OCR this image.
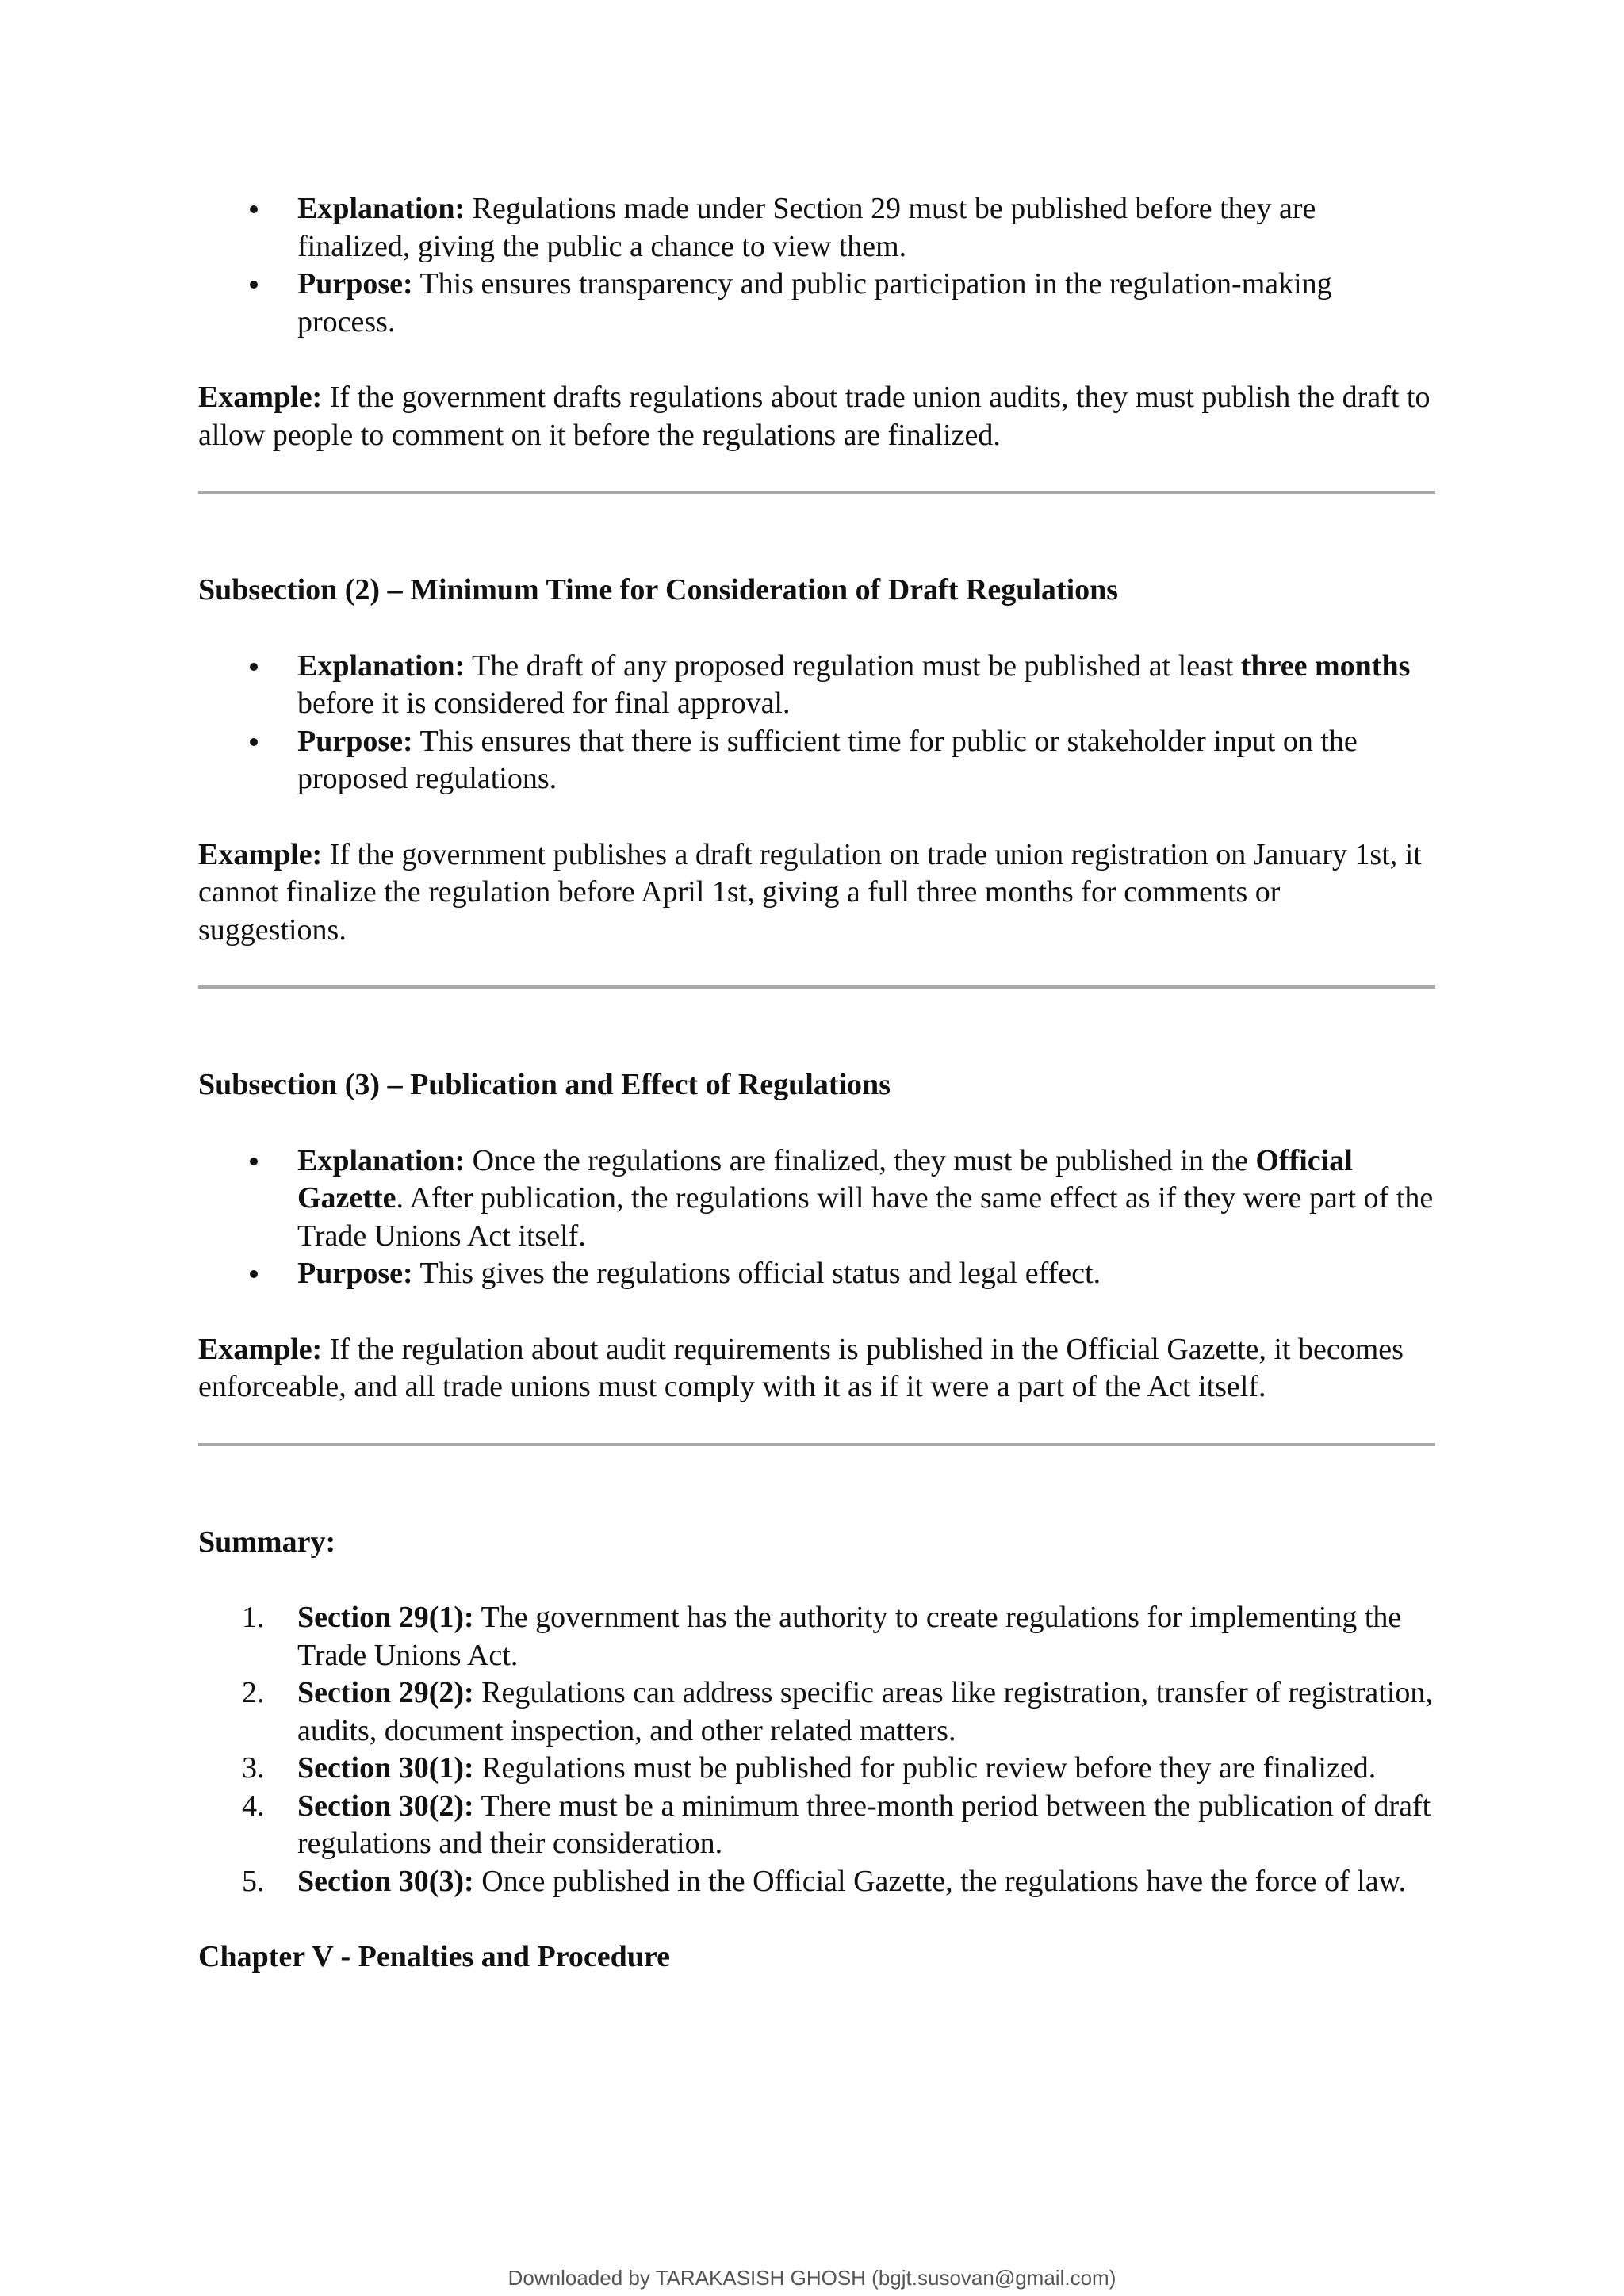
Explanation: Regulations made under Section 29 must be published before they are finalized, giving the public a chance to view them.
Purpose: This ensures transparency and public participation in the regulation-making process.

Example: If the government drafts regulations about trade union audits, they must publish the draft to allow people to comment on it before the regulations are finalized.

Subsection (2) – Minimum Time for Consideration of Draft Regulations

Explanation: The draft of any proposed regulation must be published at least three months before it is considered for final approval.
Purpose: This ensures that there is sufficient time for public or stakeholder input on the proposed regulations.

Example: If the government publishes a draft regulation on trade union registration on January 1st, it cannot finalize the regulation before April 1st, giving a full three months for comments or suggestions.

Subsection (3) – Publication and Effect of Regulations

Explanation: Once the regulations are finalized, they must be published in the Official Gazette. After publication, the regulations will have the same effect as if they were part of the Trade Unions Act itself.
Purpose: This gives the regulations official status and legal effect.

Example: If the regulation about audit requirements is published in the Official Gazette, it becomes enforceable, and all trade unions must comply with it as if it were a part of the Act itself.

Summary:

1.	Section 29(1): The government has the authority to create regulations for implementing the Trade Unions Act.
2.	Section 29(2): Regulations can address specific areas like registration, transfer of registration, audits, document inspection, and other related matters.
3.	Section 30(1): Regulations must be published for public review before they are finalized.
4.	Section 30(2): There must be a minimum three-month period between the publication of draft regulations and their consideration.
5.	Section 30(3): Once published in the Official Gazette, the regulations have the force of law.

Chapter V - Penalties and Procedure

Downloaded by TARAKASISH GHOSH (bgjt.susovan@gmail.com)
